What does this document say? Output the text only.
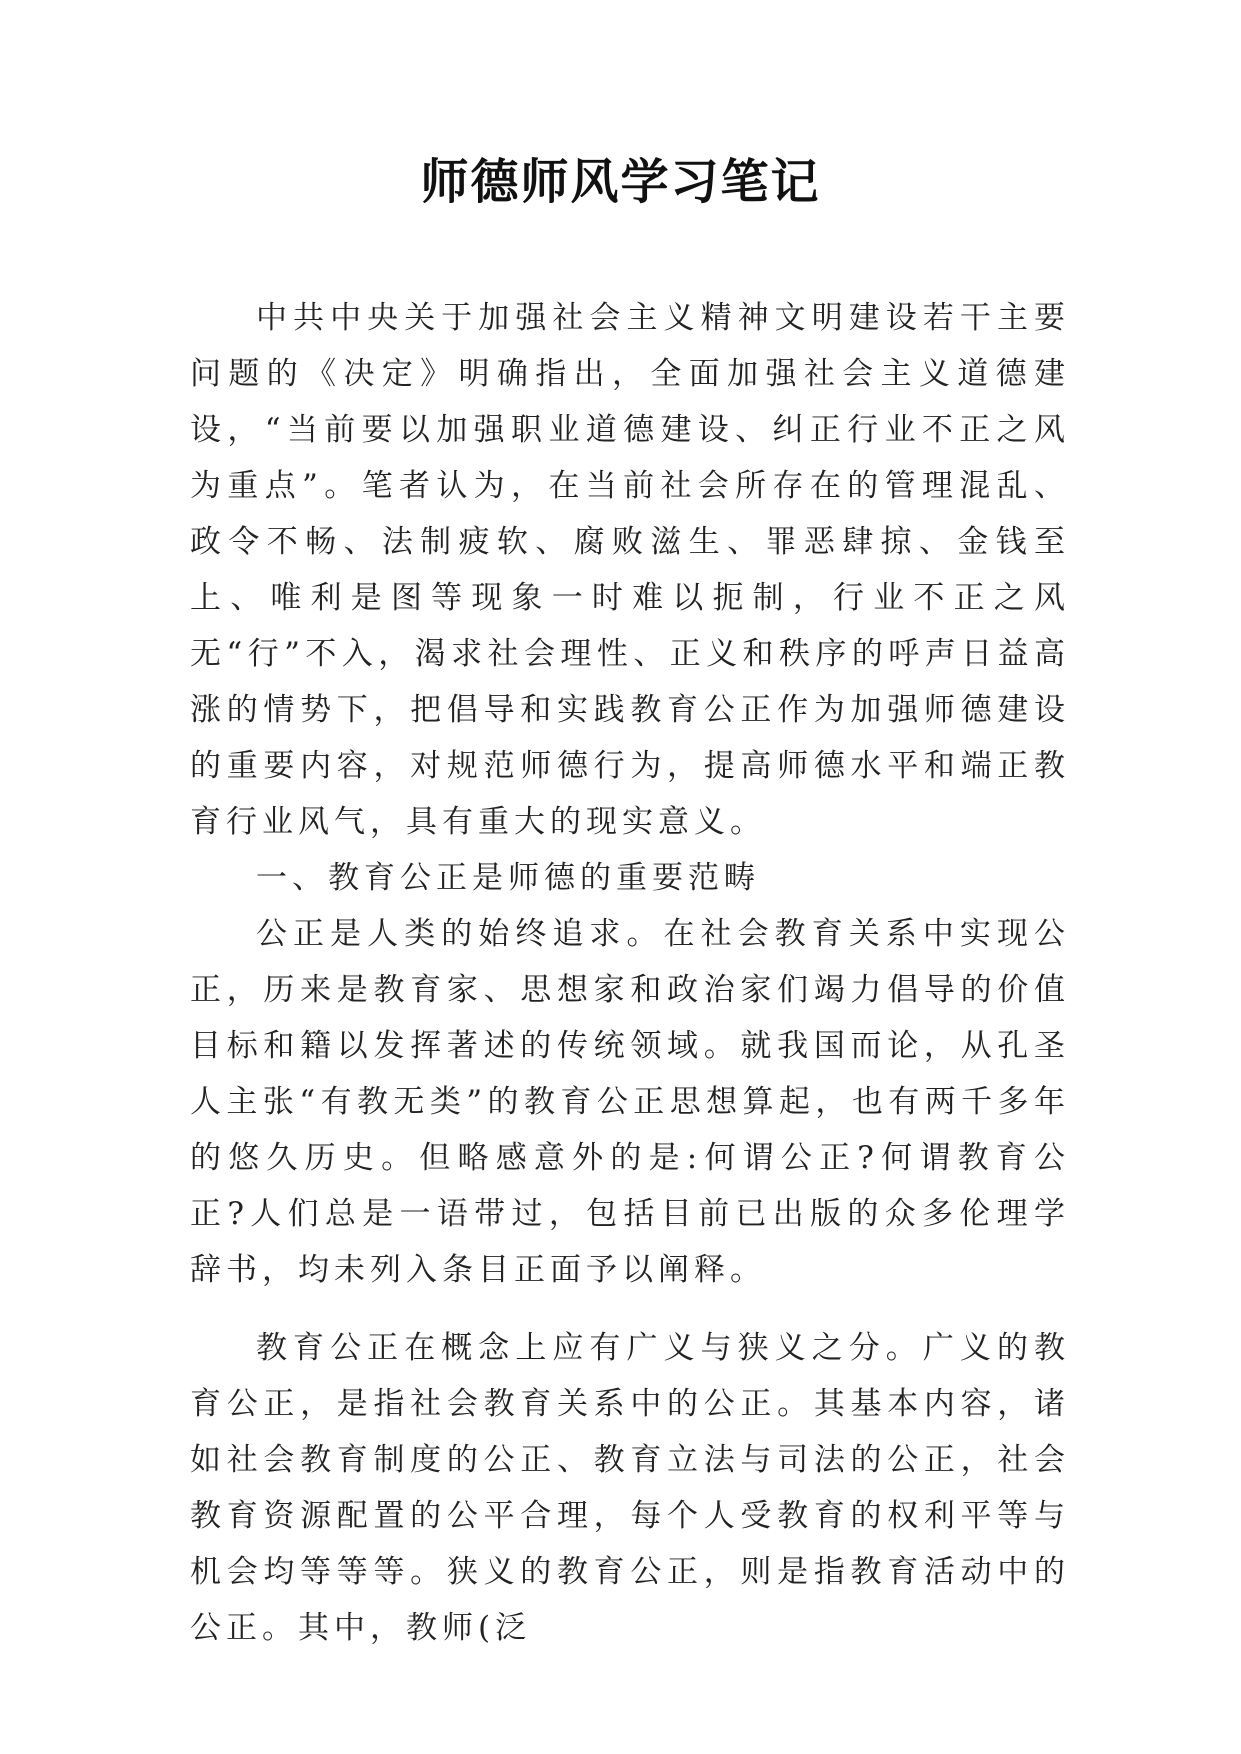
师德师风学习笔记

中共中央关于加强社会主义精神文明建设若干主要问题的《决定》明确指出，全面加强社会主义道德建设，“当前要以加强职业道德建设、纠正行业不正之风为重点”。笔者认为，在当前社会所存在的管理混乱、政令不畅、法制疲软、腐败滋生、罪恶肆掠、金钱至上、唯利是图等现象一时难以扼制，行业不正之风无“行”不入，渴求社会理性、正义和秩序的呼声日益高涨的情势下，把倡导和实践教育公正作为加强师德建设的重要内容，对规范师德行为，提高师德水平和端正教育行业风气，具有重大的现实意义。

一、教育公正是师德的重要范畴

公正是人类的始终追求。在社会教育关系中实现公正，历来是教育家、思想家和政治家们竭力倡导的价值目标和籍以发挥著述的传统领域。就我国而论，从孔圣人主张“有教无类”的教育公正思想算起，也有两千多年的悠久历史。但略感意外的是:何谓公正?何谓教育公正?人们总是一语带过，包括目前已出版的众多伦理学辞书，均未列入条目正面予以阐释。

教育公正在概念上应有广义与狭义之分。广义的教育公正，是指社会教育关系中的公正。其基本内容，诸如社会教育制度的公正、教育立法与司法的公正，社会教育资源配置的公平合理，每个人受教育的权利平等与机会均等等等。狭义的教育公正，则是指教育活动中的公正。其中，教师(泛
